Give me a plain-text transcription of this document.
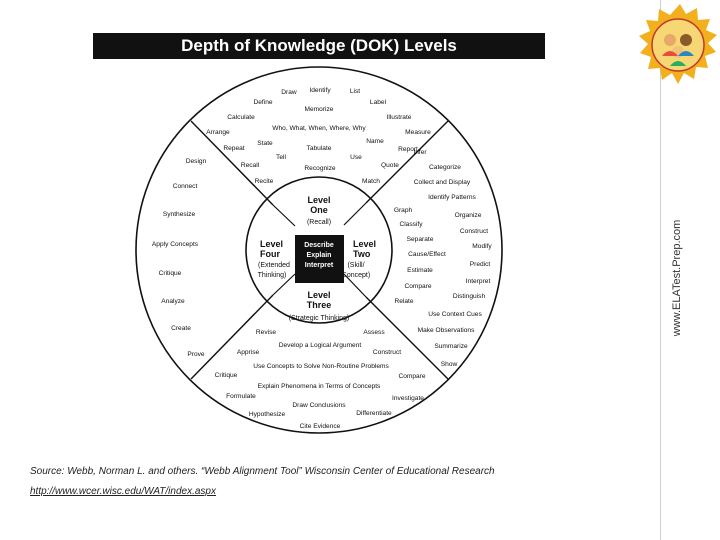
Depth of Knowledge (DOK) Levels
Describe
Explain
Interpret
Level
One
(Recall)
Level
Two
(Skill/
Concept)
Level
Three
(Strategic Thinking)
Level
Four
(Extended
Thinking)
Draw Identify	List
Define
Memorize
Label
Calculate	Illustrate
Who, What, When, Where, Why
Arrange	Measure
Name
Repeat
State
Tabulate	Report
Use
Recall
Tell
Recognize	Quote
Recite	Match
Infer
Categorize
Collect and Display
Identify Patterns
Graph
Organize
Classify
Construct
Separate
Modify
Cause/Effect
Predict
Estimate
Interpret
Compare
Distinguish
Relate
Use Context Cues
Make Observations
Summarize
Show
Revise	Assess
Develop a Logical Argument
Apprise	Construct
Use Concepts to Solve Non-Routine Problems
Critique	Compare
Explain Phenomena in Terms of Concepts
Formulate	Investigate
Draw Conclusions
Hypothesize	Differentiate
Cite Evidence
Design
Connect
Synthesize
Apply Concepts
Critique
Analyze
Create
Prove
www.ELATest.Prep.com
Source: Webb, Norman L. and others. “Webb Alignment Tool” Wisconsin Center of Educational Research
http://www.wcer.wisc.edu/WAT/index.aspx
